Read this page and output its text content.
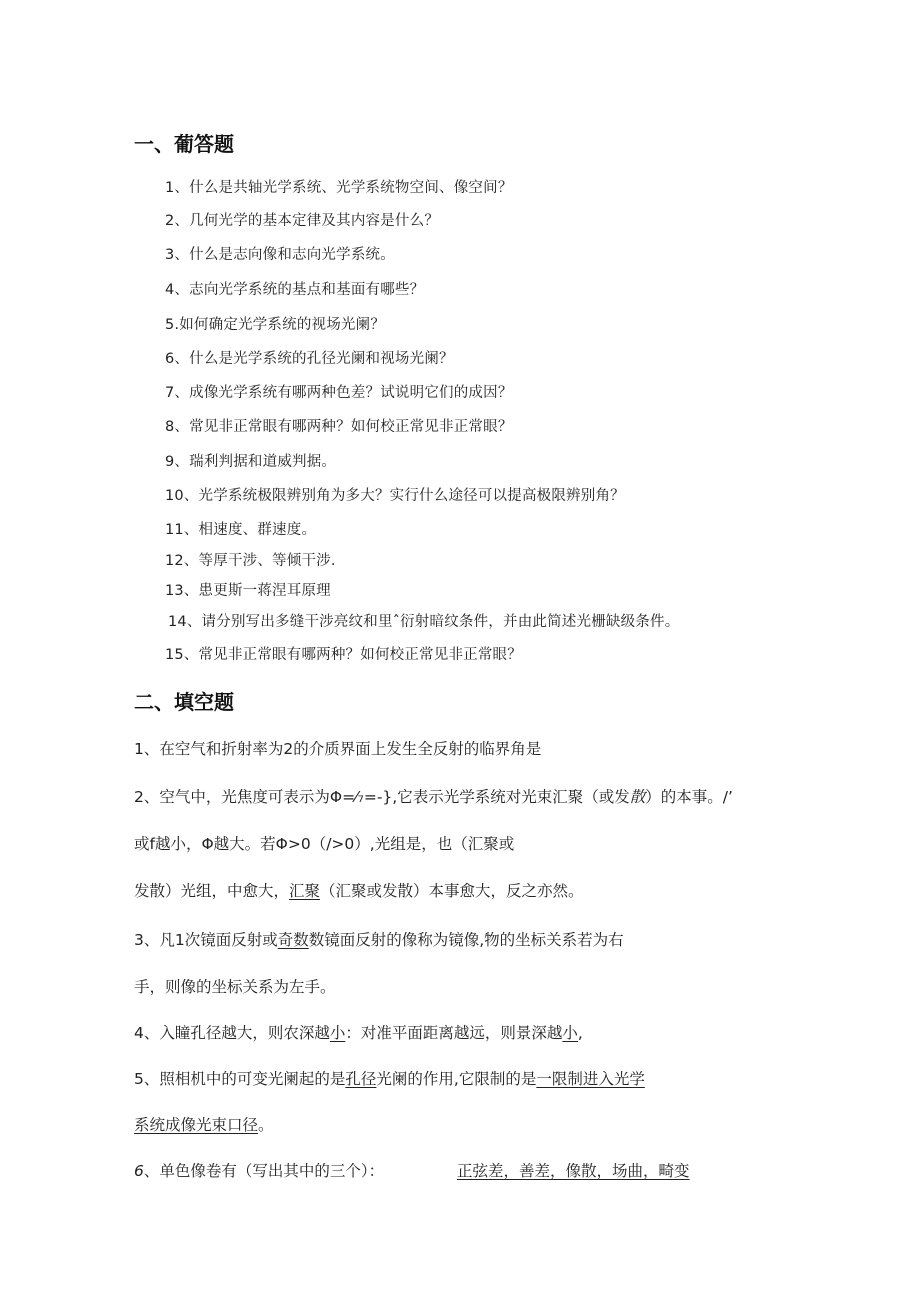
一、葡答题
1、什么是共轴光学系统、光学系统物空间、像空间？
2、几何光学的基本定律及其内容是什么？
3、什么是志向像和志向光学系统。
4、志向光学系统的基点和基面有哪些？
5.如何确定光学系统的视场光阑？
6、什么是光学系统的孔径光阑和视场光阑？
7、成像光学系统有哪两种色差？试说明它们的成因？
8、常见非正常眼有哪两种？如何校正常见非正常眼？
9、瑞利判据和道威判据。
10、光学系统极限辨别角为多大？实行什么途径可以提高极限辨别角？
11、相速度、群速度。
12、等厚干涉、等倾干涉.
13、患更斯一蒋涅耳原理
14、请分别写出多缝干涉亮纹和里ˆ衍射暗纹条件，并由此简述光栅缺级条件。
15、常见非正常眼有哪两种？如何校正常见非正常眼？
二、填空题
1、在空气和折射率为2的介质界面上发生全反射的临界角是
2、空气中，光焦度可表示为Φ=⁄₇=-},它表示光学系统对光束汇聚（或发散）的本事。/’
或f越小，Φ越大。若Φ>0（/>0）,光组是，也（汇聚或
发散）光组，中愈大，汇聚（汇聚或发散）本事愈大，反之亦然。
3、凡1次镜面反射或奇数数镜面反射的像称为镜像,物的坐标关系若为右
手，则像的坐标关系为左手。
4、入瞳孔径越大，则农深越小：对准平面距离越远，则景深越小,
5、照相机中的可变光阑起的是孔径光阑的作用,它限制的是一限制进入光学
系统成像光束口径。
6、单色像卷有（写出其中的三个）：	正弦差，善差，像散，场曲，畸变
